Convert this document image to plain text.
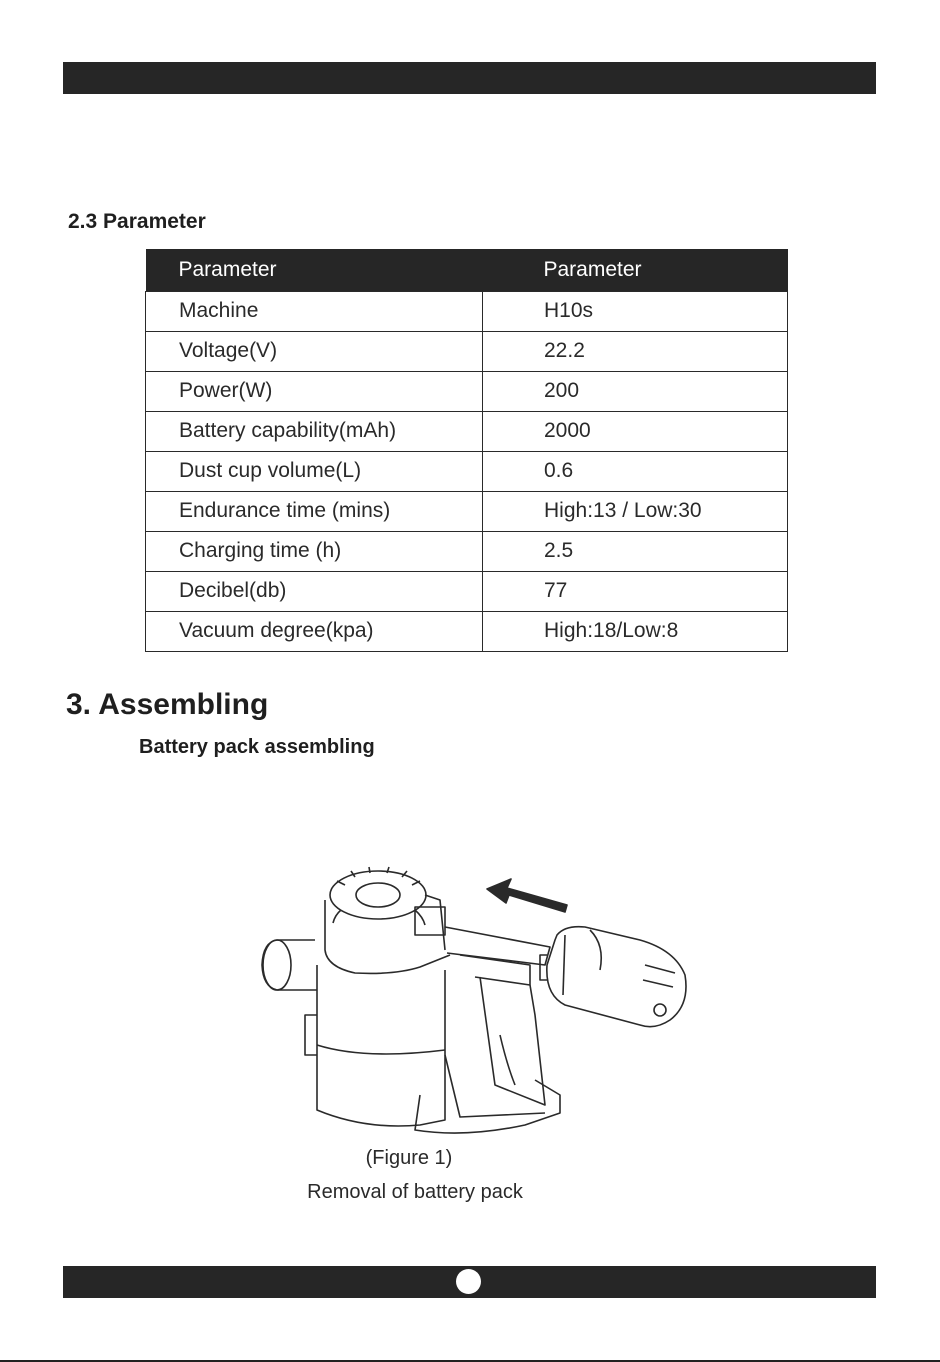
2.3 Parameter
Parameter	Parameter
Machine	H10s
Voltage(V)	22.2
Power(W)	200
Battery capability(mAh)	2000
Dust cup volume(L)	0.6
Endurance time (mins)	High:13 / Low:30
Charging time (h)	2.5
Decibel(db)	77
Vacuum degree(kpa)	High:18/Low:8
3. Assembling
Battery pack assembling
(Figure 1)
Removal of battery pack
